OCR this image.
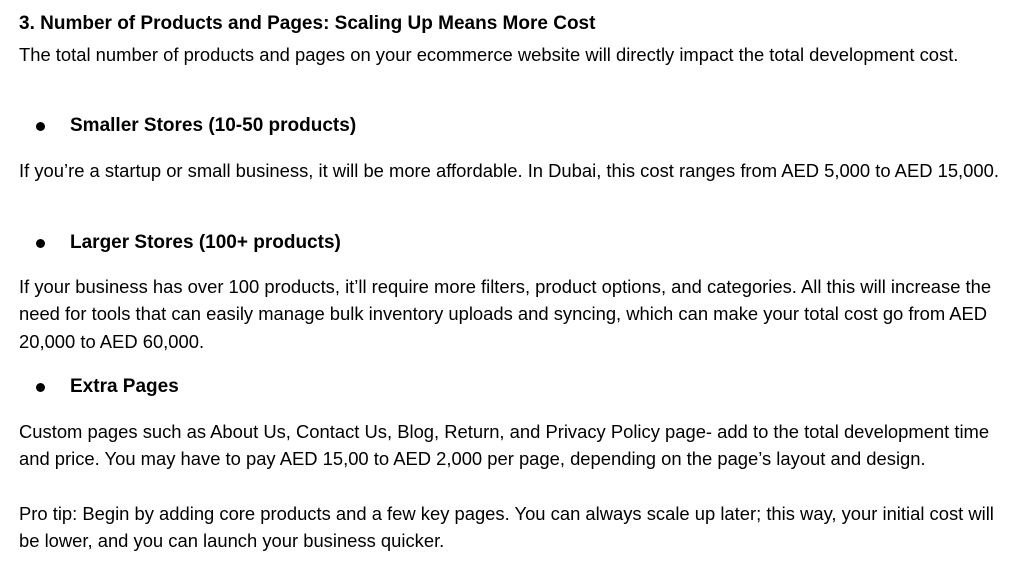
3. Number of Products and Pages: Scaling Up Means More Cost

The total number of products and pages on your ecommerce website will directly impact the total development cost.

Smaller Stores (10-50 products)

If you’re a startup or small business, it will be more affordable. In Dubai, this cost ranges from AED 5,000 to AED 15,000.

Larger Stores (100+ products)

If your business has over 100 products, it’ll require more filters, product options, and categories. All this will increase the need for tools that can easily manage bulk inventory uploads and syncing, which can make your total cost go from AED 20,000 to AED 60,000.

Extra Pages

Custom pages such as About Us, Contact Us, Blog, Return, and Privacy Policy page- add to the total development time and price. You may have to pay AED 15,00 to AED 2,000 per page, depending on the page’s layout and design.

Pro tip: Begin by adding core products and a few key pages. You can always scale up later; this way, your initial cost will be lower, and you can launch your business quicker.
